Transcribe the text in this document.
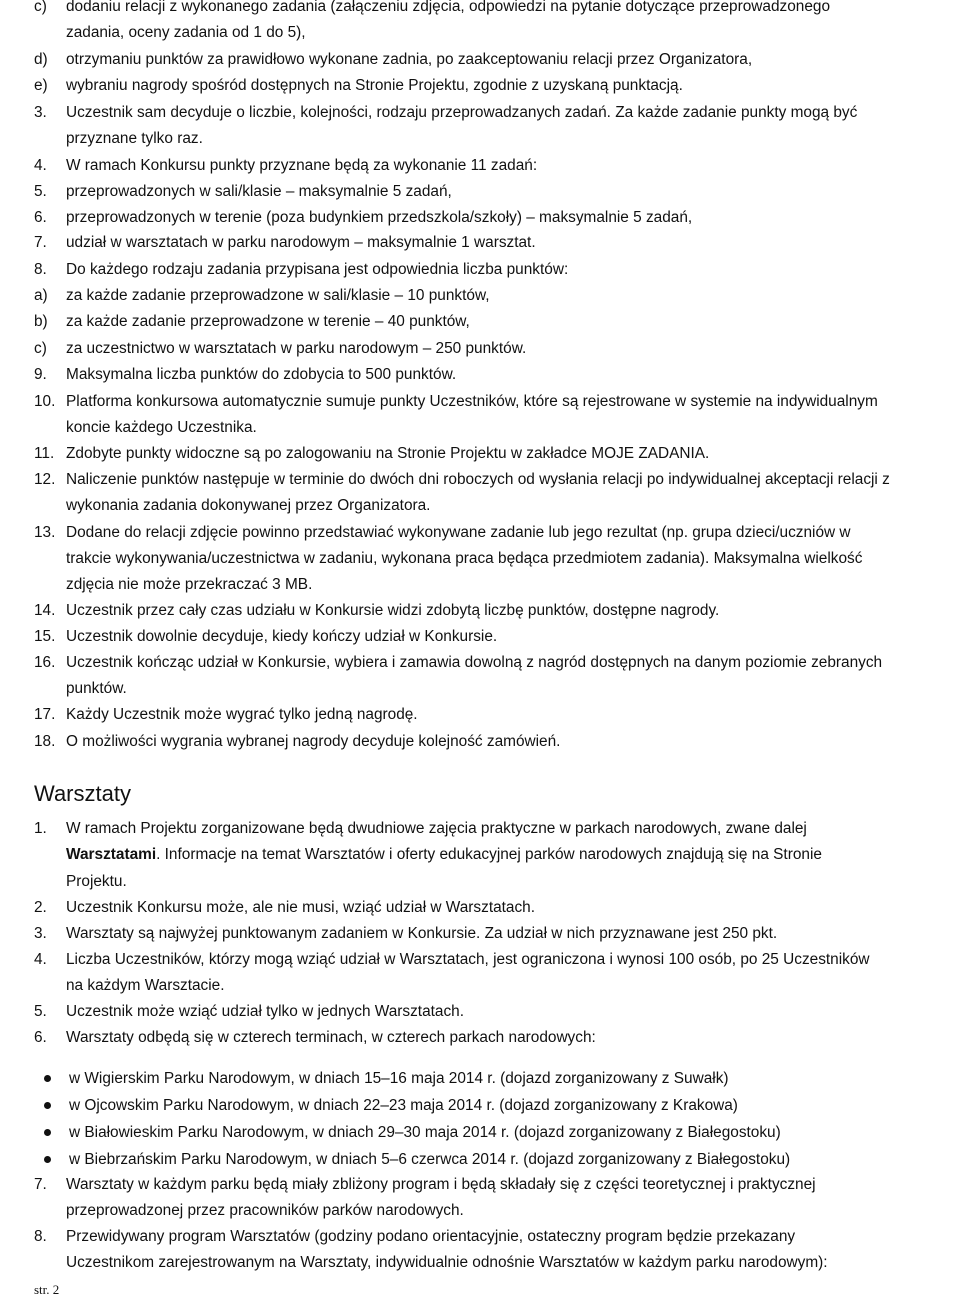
c) dodaniu relacji z wykonanego zadania (załączeniu zdjęcia, odpowiedzi na pytanie dotyczące przeprowadzonego
zadania, oceny zadania od 1 do 5),
d) otrzymaniu punktów za prawidłowo wykonane zadnia, po zaakceptowaniu relacji przez Organizatora,
e) wybraniu nagrody spośród dostępnych na Stronie Projektu, zgodnie z uzyskaną punktacją.
3. Uczestnik sam decyduje o liczbie, kolejności, rodzaju przeprowadzanych zadań. Za każde zadanie punkty mogą być
przyznane tylko raz.
4. W ramach Konkursu punkty przyznane będą za wykonanie 11 zadań:
5. przeprowadzonych w sali/klasie – maksymalnie 5 zadań,
6. przeprowadzonych w terenie (poza budynkiem przedszkola/szkoły) – maksymalnie 5 zadań,
7. udział w warsztatach w parku narodowym – maksymalnie 1 warsztat.
8. Do każdego rodzaju zadania przypisana jest odpowiednia liczba punktów:
a) za każde zadanie przeprowadzone w sali/klasie – 10 punktów,
b) za każde zadanie przeprowadzone w terenie – 40 punktów,
c) za uczestnictwo w warsztatach w parku narodowym – 250 punktów.
9. Maksymalna liczba punktów do zdobycia to 500 punktów.
10. Platforma konkursowa automatycznie sumuje punkty Uczestników, które są rejestrowane w systemie na indywidualnym
koncie każdego Uczestnika.
11. Zdobyte punkty widoczne są po zalogowaniu na Stronie Projektu w zakładce MOJE ZADANIA.
12. Naliczenie punktów następuje w terminie do dwóch dni roboczych od wysłania relacji po indywidualnej akceptacji relacji z
wykonania zadania dokonywanej przez Organizatora.
13. Dodane do relacji zdjęcie powinno przedstawiać wykonywane zadanie lub jego rezultat (np. grupa dzieci/uczniów w
trakcie wykonywania/uczestnictwa w zadaniu, wykonana praca będąca przedmiotem zadania). Maksymalna wielkość
zdjęcia nie może przekraczać 3 MB.
14. Uczestnik przez cały czas udziału w Konkursie widzi zdobytą liczbę punktów, dostępne nagrody.
15. Uczestnik dowolnie decyduje, kiedy kończy udział w Konkursie.
16. Uczestnik kończąc udział w Konkursie, wybiera i zamawia dowolną z nagród dostępnych na danym poziomie zebranych
punktów.
17. Każdy Uczestnik może wygrać tylko jedną nagrodę.
18. O możliwości wygrania wybranej nagrody decyduje kolejność zamówień.
Warsztaty
1. W ramach Projektu zorganizowane będą dwudniowe zajęcia praktyczne w parkach narodowych, zwane dalej
Warsztatami. Informacje na temat Warsztatów i oferty edukacyjnej parków narodowych znajdują się na Stronie
Projektu.
2. Uczestnik Konkursu może, ale nie musi, wziąć udział w Warsztatach.
3. Warsztaty są najwyżej punktowanym zadaniem w Konkursie. Za udział w nich przyznawane jest 250 pkt.
4. Liczba Uczestników, którzy mogą wziąć udział w Warsztatach, jest ograniczona i wynosi 100 osób, po 25 Uczestników
na każdym Warsztacie.
5. Uczestnik może wziąć udział tylko w jednych Warsztatach.
6. Warsztaty odbędą się w czterech terminach, w czterech parkach narodowych:
w Wigierskim Parku Narodowym, w dniach 15–16 maja 2014 r. (dojazd zorganizowany z Suwałk)
w Ojcowskim Parku Narodowym, w dniach 22–23 maja 2014 r. (dojazd zorganizowany z Krakowa)
w Białowieskim Parku Narodowym, w dniach 29–30 maja 2014 r. (dojazd zorganizowany z Białegostoku)
w Biebrzańskim Parku Narodowym, w dniach 5–6 czerwca 2014 r. (dojazd zorganizowany z Białegostoku)
7. Warsztaty w każdym parku będą miały zbliżony program i będą składały się z części teoretycznej i praktycznej
przeprowadzonej przez pracowników parków narodowych.
8. Przewidywany program Warsztatów (godziny podano orientacyjnie, ostateczny program będzie przekazany
Uczestnikom zarejestrowanym na Warsztaty, indywidualnie odnośnie Warsztatów w każdym parku narodowym):
str. 2
